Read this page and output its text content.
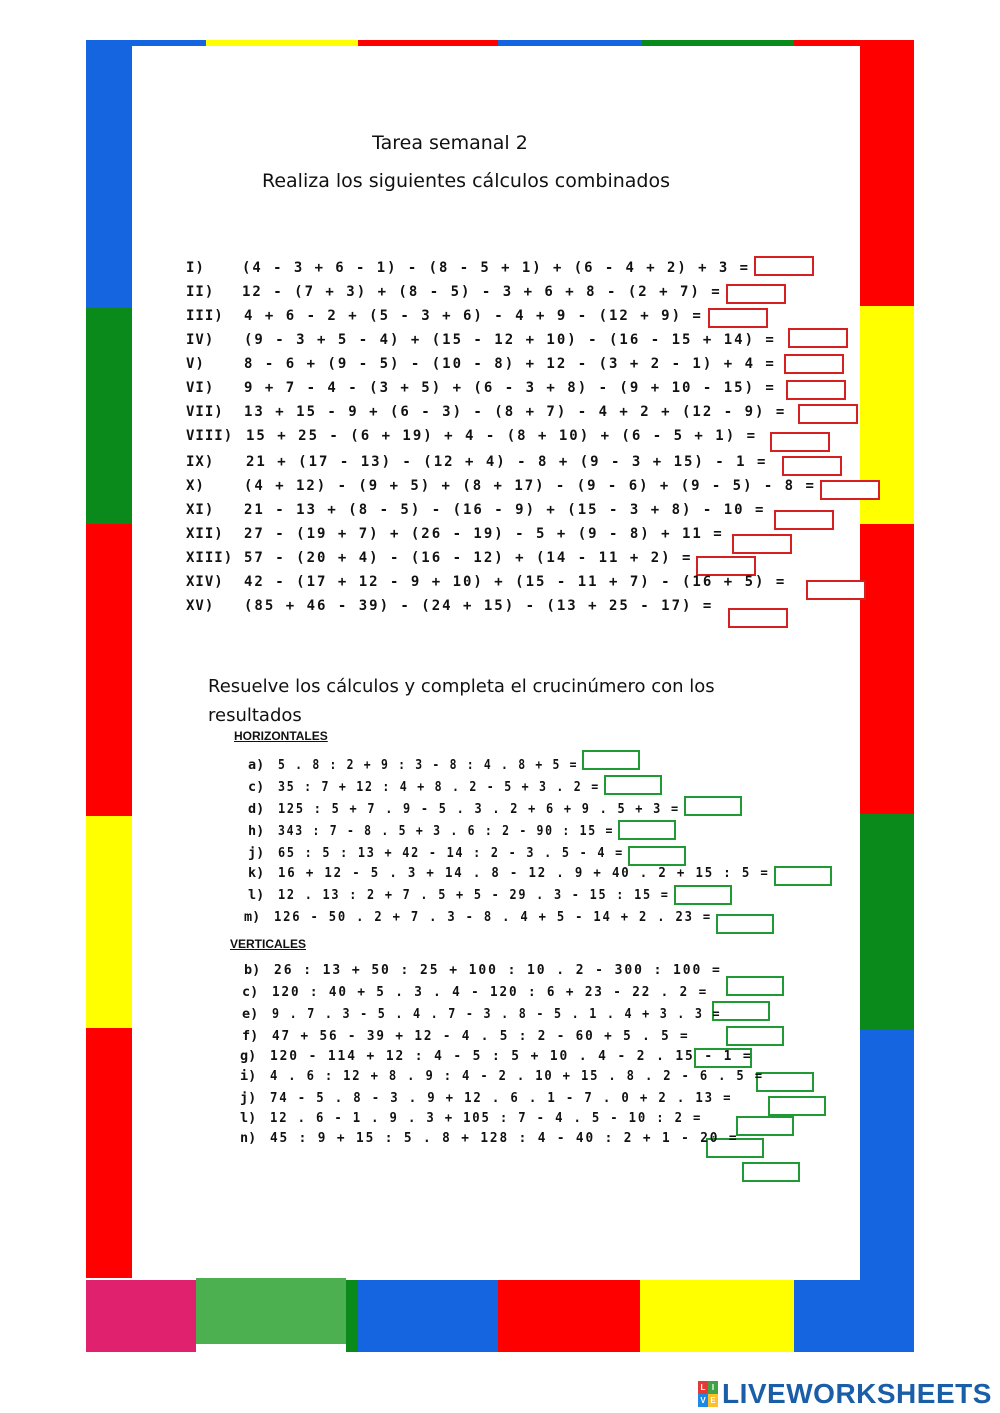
Tarea semanal 2
Realiza los siguientes cálculos combinados
I)	(4 - 3 + 6 - 1) - (8 - 5 + 1) + (6 - 4 + 2) + 3 =
II) 12 - (7 + 3) + (8 - 5) - 3 + 6 + 8 - (2 + 7) =
III) 4 + 6 - 2 + (5 - 3 + 6) - 4 + 9 - (12 + 9) =
IV) (9 - 3 + 5 - 4) + (15 - 12 + 10) - (16 - 15 + 14) =
V)	8 - 6 + (9 - 5) - (10 - 8) + 12 - (3 + 2 - 1) + 4 =
VI) 9 + 7 - 4 - (3 + 5) + (6 - 3 + 8) - (9 + 10 - 15) =
VII) 13 + 15 - 9 + (6 - 3) - (8 + 7) - 4 + 2 + (12 - 9) =
VIII) 15 + 25 - (6 + 19) + 4 - (8 + 10) + (6 - 5 + 1) =
IX) 21 + (17 - 13) - (12 + 4) - 8 + (9 - 3 + 15) - 1 =
X)	(4 + 12) - (9 + 5) + (8 + 17) - (9 - 6) + (9 - 5) - 8 =
XI) 21 - 13 + (8 - 5) - (16 - 9) + (15 - 3 + 8) - 10 =
XII) 27 - (19 + 7) + (26 - 19) - 5 + (9 - 8) + 11 =
XIII) 57 - (20 + 4) - (16 - 12) + (14 - 11 + 2) =
XIV) 42 - (17 + 12 - 9 + 10) + (15 - 11 + 7) - (16 + 5) =
XV) (85 + 46 - 39) - (24 + 15) - (13 + 25 - 17) =
Resuelve los cálculos y completa el crucinúmero con los resultados
HORIZONTALES
a) 5 . 8 : 2 + 9 : 3 - 8 : 4 . 8 + 5 =
c) 35 : 7 + 12 : 4 + 8 . 2 - 5 + 3 . 2 =
d) 125 : 5 + 7 . 9 - 5 . 3 . 2 + 6 + 9 . 5 + 3 =
h) 343 : 7 - 8 . 5 + 3 . 6 : 2 - 90 : 15 =
j) 65 : 5 : 13 + 42 - 14 : 2 - 3 . 5 - 4 =
k) 16 + 12 - 5 . 3 + 14 . 8 - 12 . 9 + 40 . 2 + 15 : 5 =
l) 12 . 13 : 2 + 7 . 5 + 5 - 29 . 3 - 15 : 15 =
m) 126 - 50 . 2 + 7 . 3 - 8 . 4 + 5 - 14 + 2 . 23 =
VERTICALES
b) 26 : 13 + 50 : 25 + 100 : 10 . 2 - 300 : 100 =
c) 120 : 40 + 5 . 3 . 4 - 120 : 6 + 23 - 22 . 2 =
e) 9 . 7 . 3 - 5 . 4 . 7 - 3 . 8 - 5 . 1 . 4 + 3 . 3 =
f) 47 + 56 - 39 + 12 - 4 . 5 : 2 - 60 + 5 . 5 =
g) 120 - 114 + 12 : 4 - 5 : 5 + 10 . 4 - 2 . 15 - 1 =
i) 4 . 6 : 12 + 8 . 9 : 4 - 2 . 10 + 15 . 8 . 2 - 6 . 5 =
j) 74 - 5 . 8 - 3 . 9 + 12 . 6 . 1 - 7 . 0 + 2 . 13 =
l) 12 . 6 - 1 . 9 . 3 + 105 : 7 - 4 . 5 - 10 : 2 =
n) 45 : 9 + 15 : 5 . 8 + 128 : 4 - 40 : 2 + 1 - 20 =
L I
V E LIVEWORKSHEETS
